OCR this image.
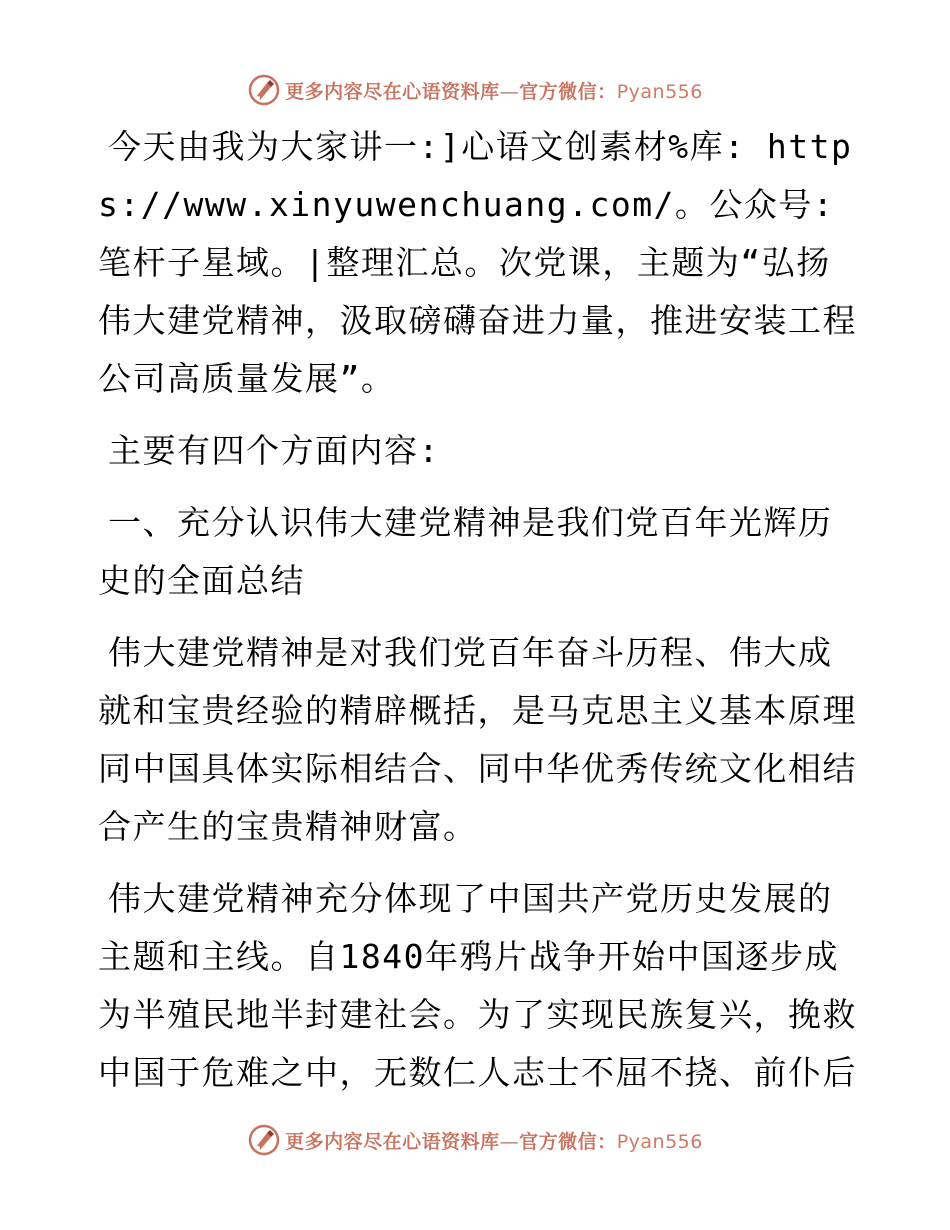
更多内容尽在心语资料库—官方微信：Pyan556

今天由我为大家讲一:]心语文创素材%库: https://www.xinyuwenchuang.com/。公众号: 笔杆子星域。|整理汇总。次党课，主题为“弘扬伟大建党精神，汲取磅礴奋进力量，推进安装工程公司高质量发展”。

主要有四个方面内容:

一、充分认识伟大建党精神是我们党百年光辉历史的全面总结

伟大建党精神是对我们党百年奋斗历程、伟大成就和宝贵经验的精辟概括，是马克思主义基本原理同中国具体实际相结合、同中华优秀传统文化相结合产生的宝贵精神财富。

伟大建党精神充分体现了中国共产党历史发展的主题和主线。自1840年鸦片战争开始中国逐步成为半殖民地半封建社会。为了实现民族复兴，挽救中国于危难之中，无数仁人志士不屈不挠、前仆后

更多内容尽在心语资料库—官方微信：Pyan556
